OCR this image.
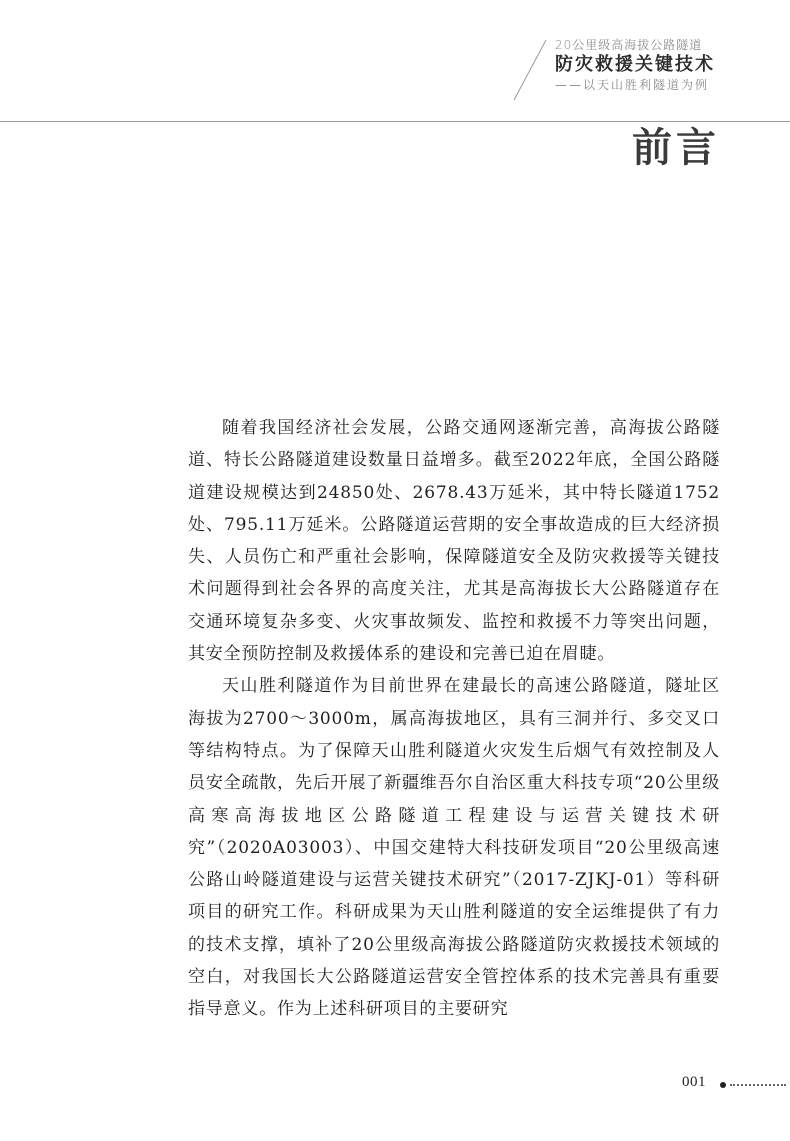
20公里级高海拔公路隧道
防灾救援关键技术
——以天山胜利隧道为例
前言

随着我国经济社会发展，公路交通网逐渐完善，高海拔公路隧道、特长公路隧道建设数量日益增多。截至2022年底，全国公路隧道建设规模达到24850处、2678.43万延米，其中特长隧道1752处、795.11万延米。公路隧道运营期的安全事故造成的巨大经济损失、人员伤亡和严重社会影响，保障隧道安全及防灾救援等关键技术问题得到社会各界的高度关注，尤其是高海拔长大公路隧道存在交通环境复杂多变、火灾事故频发、监控和救援不力等突出问题，其安全预防控制及救援体系的建设和完善已迫在眉睫。

天山胜利隧道作为目前世界在建最长的高速公路隧道，隧址区海拔为2700～3000m，属高海拔地区，具有三洞并行、多交叉口等结构特点。为了保障天山胜利隧道火灾发生后烟气有效控制及人员安全疏散，先后开展了新疆维吾尔自治区重大科技专项“20公里级高寒高海拔地区公路隧道工程建设与运营关键技术研究”（2020A03003）、中国交建特大科技研发项目“20公里级高速公路山岭隧道建设与运营关键技术研究”（2017-ZJKJ-01）等科研项目的研究工作。科研成果为天山胜利隧道的安全运维提供了有力的技术支撑，填补了20公里级高海拔公路隧道防灾救援技术领域的空白，对我国长大公路隧道运营安全管控体系的技术完善具有重要指导意义。作为上述科研项目的主要研究

001
